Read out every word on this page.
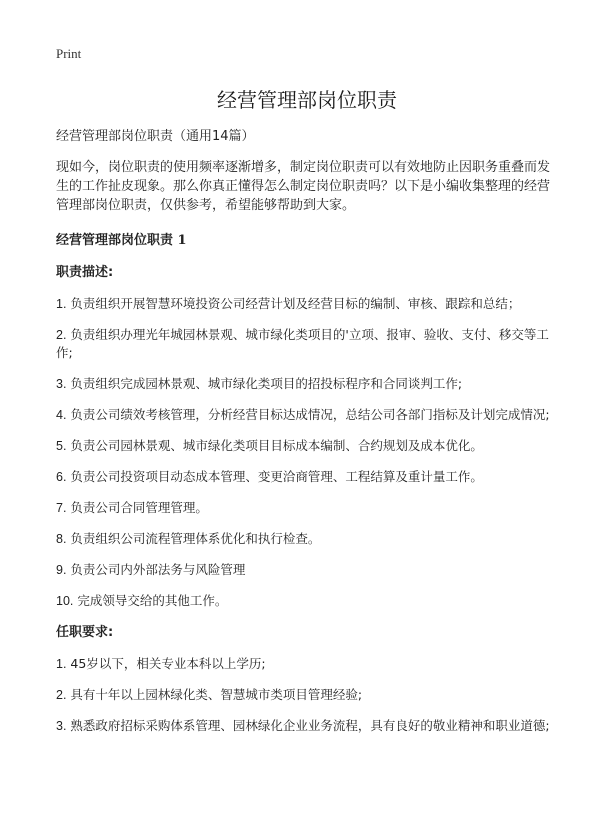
Print

经营管理部岗位职责

经营管理部岗位职责（通用14篇）

现如今，岗位职责的使用频率逐渐增多，制定岗位职责可以有效地防止因职务重叠而发生的工作扯皮现象。那么你真正懂得怎么制定岗位职责吗？以下是小编收集整理的经营管理部岗位职责，仅供参考，希望能够帮助到大家。

经营管理部岗位职责 1
职责描述:
1. 负责组织开展智慧环境投资公司经营计划及经营目标的编制、审核、跟踪和总结；
2. 负责组织办理光年城园林景观、城市绿化类项目的'立项、报审、验收、支付、移交等工作;
3. 负责组织完成园林景观、城市绿化类项目的招投标程序和合同谈判工作;
4. 负责公司绩效考核管理，分析经营目标达成情况，总结公司各部门指标及计划完成情况;
5. 负责公司园林景观、城市绿化类项目目标成本编制、合约规划及成本优化。
6. 负责公司投资项目动态成本管理、变更洽商管理、工程结算及重计量工作。
7. 负责公司合同管理管理。
8. 负责组织公司流程管理体系优化和执行检查。
9. 负责公司内外部法务与风险管理
10. 完成领导交给的其他工作。
任职要求:
1. 45岁以下，相关专业本科以上学历;
2. 具有十年以上园林绿化类、智慧城市类项目管理经验;
3. 熟悉政府招标采购体系管理、园林绿化企业业务流程，具有良好的敬业精神和职业道德;
